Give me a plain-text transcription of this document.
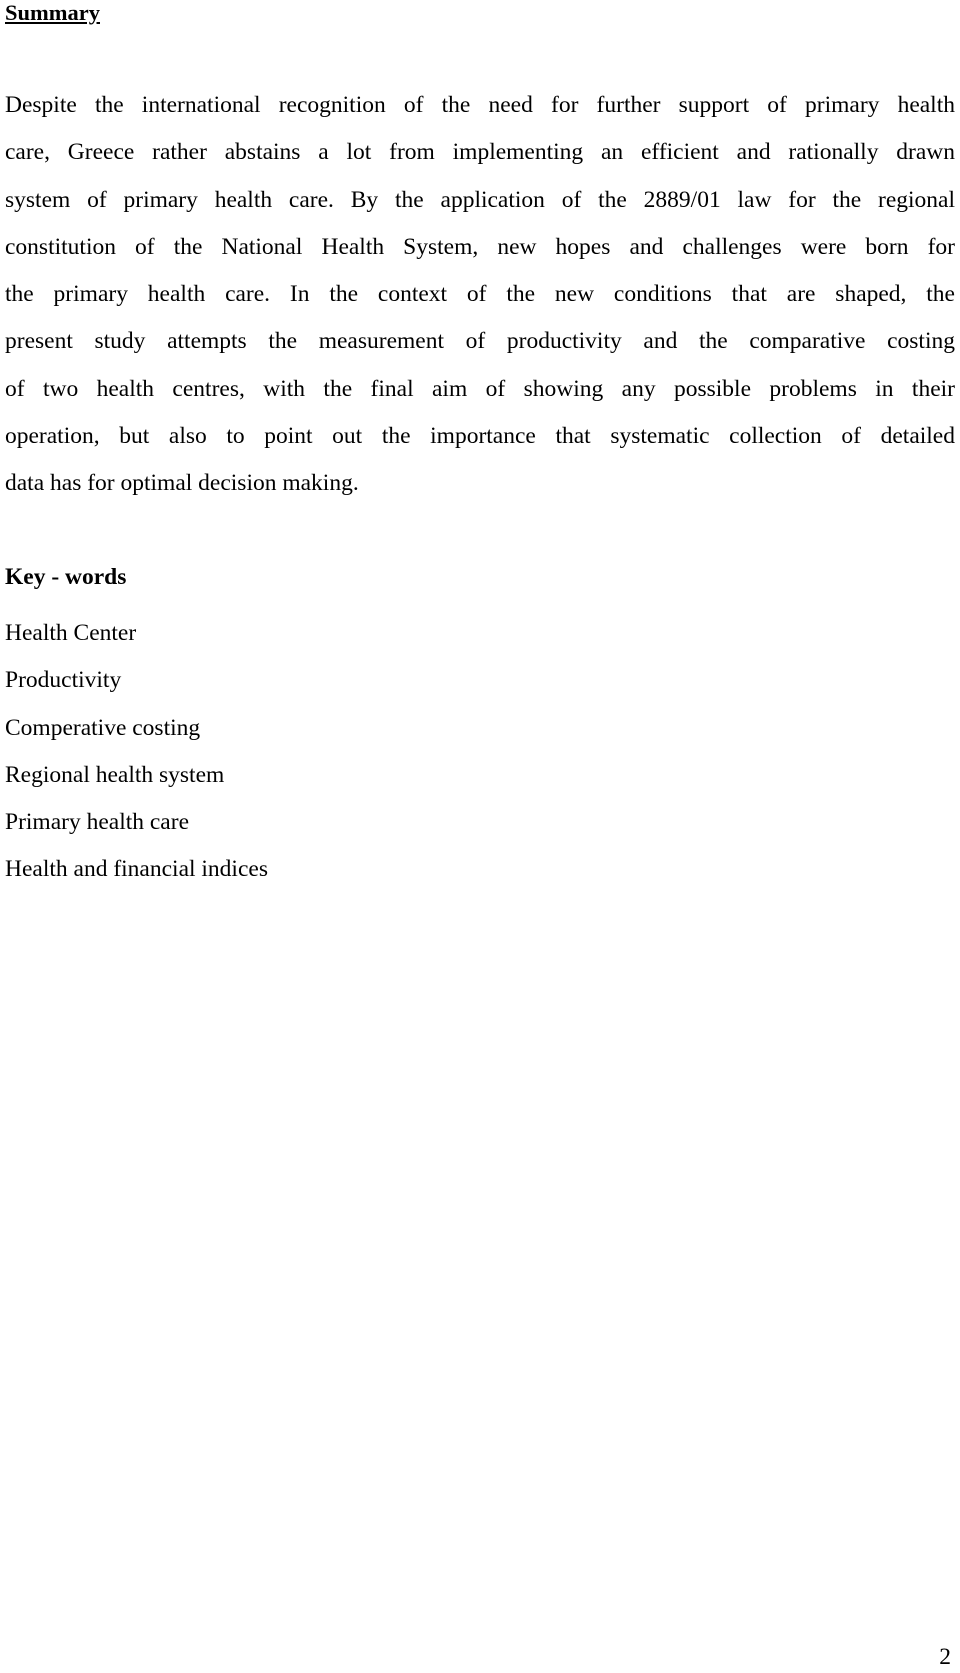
Summary
Despite the international recognition of the need for further support of primary health
care, Greece rather abstains a lot from implementing an efficient and rationally drawn
system of primary health care. By the application of the 2889/01 law for the regional
constitution of the National Health System, new hopes and challenges were born for
the primary health care. In the context of the new conditions that are shaped, the
present study attempts the measurement of productivity and the comparative costing
of two health centres, with the final aim of showing any possible problems in their
operation, but also to point out the importance that systematic collection of detailed
data has for optimal decision making.
Key - words
Health Center
Productivity
Comperative costing
Regional health system
Primary health care
Health and financial indices
2
